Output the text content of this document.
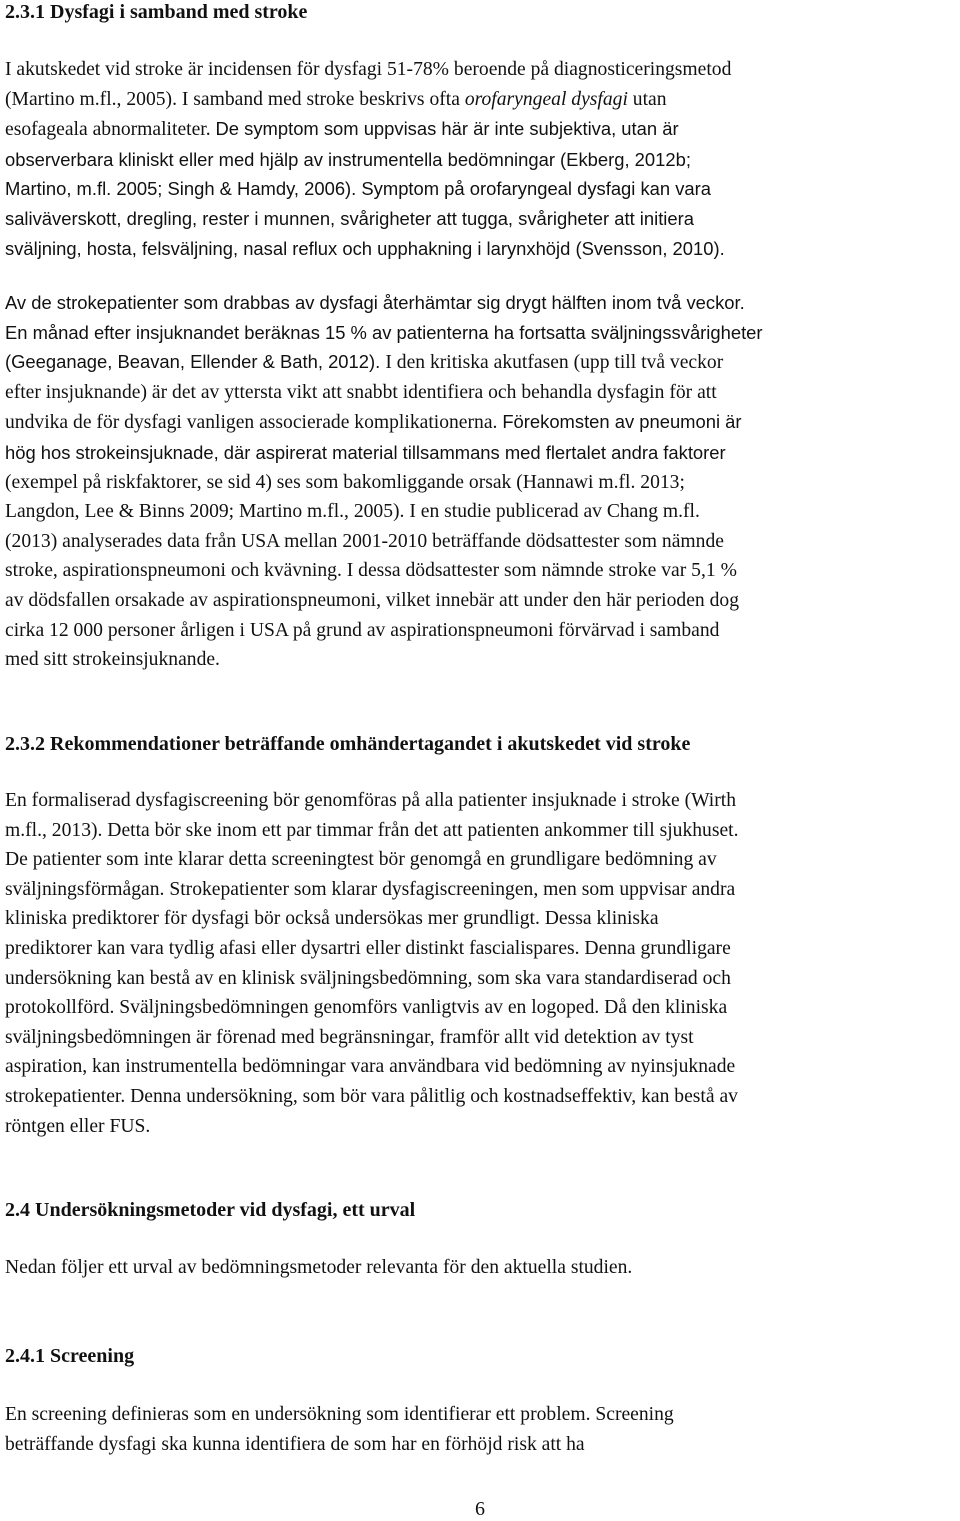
2.3.1 Dysfagi i samband med stroke
I akutskedet vid stroke är incidensen för dysfagi 51-78% beroende på diagnosticeringsmetod
(Martino m.fl., 2005). I samband med stroke beskrivs ofta orofaryngeal dysfagi utan
esofageala abnormaliteter. De symptom som uppvisas här är inte subjektiva, utan är
observerbara kliniskt eller med hjälp av instrumentella bedömningar (Ekberg, 2012b;
Martino, m.fl. 2005; Singh & Hamdy, 2006). Symptom på orofaryngeal dysfagi kan vara
saliväverskott, dregling, rester i munnen, svårigheter att tugga, svårigheter att initiera
sväljning, hosta, felsväljning, nasal reflux och upphakning i larynxhöjd (Svensson, 2010).
Av de strokepatienter som drabbas av dysfagi återhämtar sig drygt hälften inom två veckor.
En månad efter insjuknandet beräknas 15 % av patienterna ha fortsatta sväljningssvårigheter
(Geeganage, Beavan, Ellender & Bath, 2012). I den kritiska akutfasen (upp till två veckor
efter insjuknande) är det av yttersta vikt att snabbt identifiera och behandla dysfagin för att
undvika de för dysfagi vanligen associerade komplikationerna. Förekomsten av pneumoni är
hög hos strokeinsjuknade, där aspirerat material tillsammans med flertalet andra faktorer
(exempel på riskfaktorer, se sid 4) ses som bakomliggande orsak (Hannawi m.fl. 2013;
Langdon, Lee & Binns 2009; Martino m.fl., 2005). I en studie publicerad av Chang m.fl.
(2013) analyserades data från USA mellan 2001-2010 beträffande dödsattester som nämnde
stroke, aspirationspneumoni och kvävning. I dessa dödsattester som nämnde stroke var 5,1 %
av dödsfallen orsakade av aspirationspneumoni, vilket innebär att under den här perioden dog
cirka 12 000 personer årligen i USA på grund av aspirationspneumoni förvärvad i samband
med sitt strokeinsjuknande.
2.3.2 Rekommendationer beträffande omhändertagandet i akutskedet vid stroke
En formaliserad dysfagiscreening bör genomföras på alla patienter insjuknade i stroke (Wirth
m.fl., 2013). Detta bör ske inom ett par timmar från det att patienten ankommer till sjukhuset.
De patienter som inte klarar detta screeningtest bör genomgå en grundligare bedömning av
sväljningsförmågan. Strokepatienter som klarar dysfagiscreeningen, men som uppvisar andra
kliniska prediktorer för dysfagi bör också undersökas mer grundligt. Dessa kliniska
prediktorer kan vara tydlig afasi eller dysartri eller distinkt fascialispares. Denna grundligare
undersökning kan bestå av en klinisk sväljningsbedömning, som ska vara standardiserad och
protokollförd. Sväljningsbedömningen genomförs vanligtvis av en logoped. Då den kliniska
sväljningsbedömningen är förenad med begränsningar, framför allt vid detektion av tyst
aspiration, kan instrumentella bedömningar vara användbara vid bedömning av nyinsjuknade
strokepatienter. Denna undersökning, som bör vara pålitlig och kostnadseffektiv, kan bestå av
röntgen eller FUS.
2.4 Undersökningsmetoder vid dysfagi, ett urval
Nedan följer ett urval av bedömningsmetoder relevanta för den aktuella studien.
2.4.1 Screening
En screening definieras som en undersökning som identifierar ett problem. Screening
beträffande dysfagi ska kunna identifiera de som har en förhöjd risk att ha
6
